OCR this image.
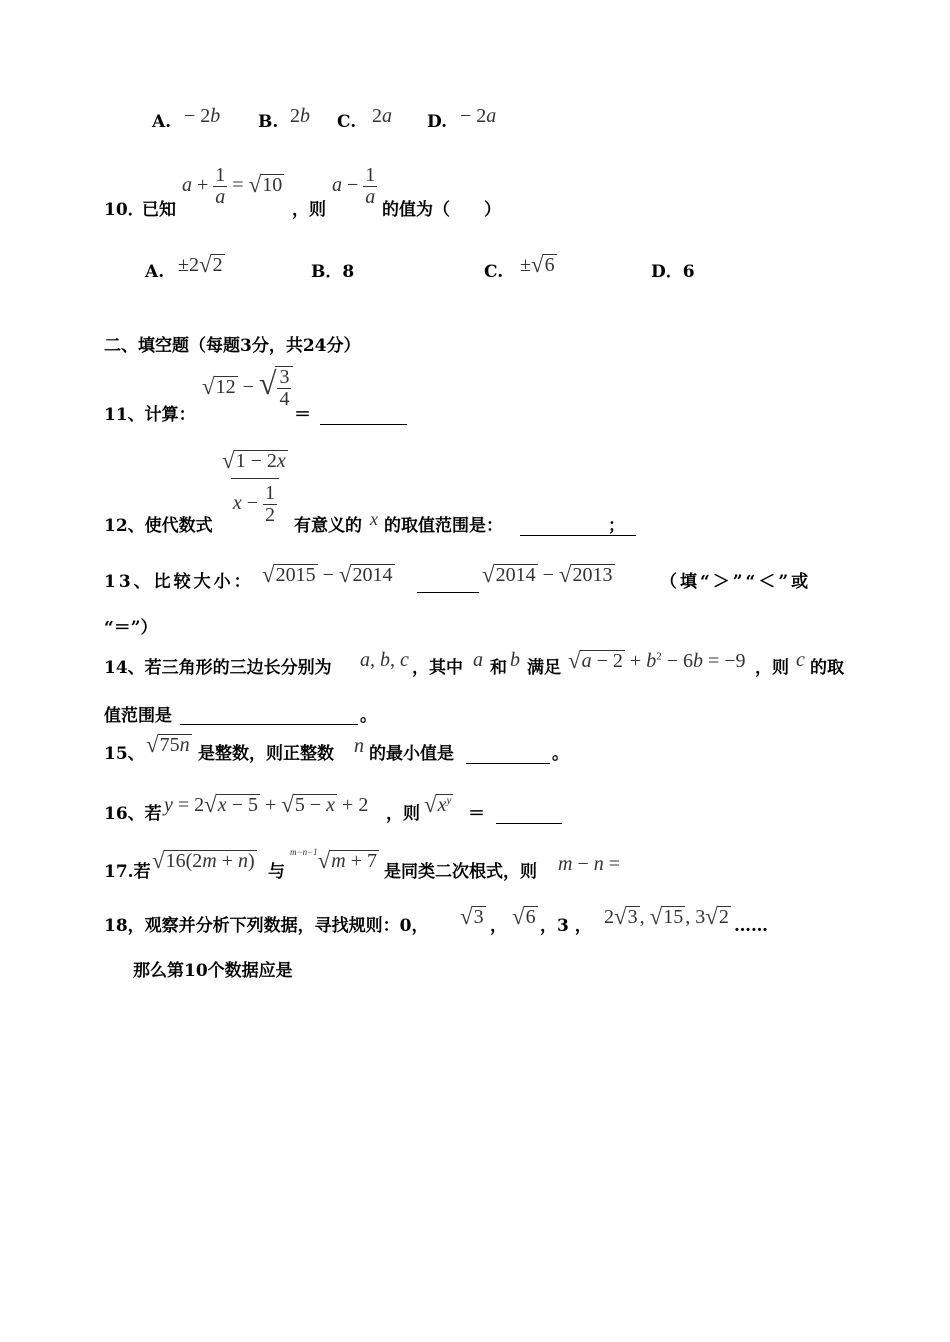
A. − 2b B. 2b C. 2a D. − 2a
10．
已知
$a + \frac{1}{a} = √10$
，则
$a - \frac{1}{a}$
的值为（　　）
A. ±2√2	B．8	C. ±√6	D．6
二、填空题（每题3分，共24分）
11、计算：
√12 − √ $\frac{3}{4}$
＝
$\frac{√1 - 2x}{x - \frac{1}{2}}$
12、使代数式	有意义的 x 的取值范围是：	；
13、比较大小： √2015 − √2014	√2014 − √2013	（填“＞”“＜”或
“＝”）
14、若三角形的三边长分别为 a, b, c ，其中 a 和 b 满足 $√a - 2 + b^2 - 6b = -9$ ，则 c 的取
值范围是	。
15、 √75n 是整数，则正整数 n 的最小值是	。
16、若 y = 2√x − 5 + √5 − x + 2 ，则 $√x^y$
＝
17.若 √16(2m + n) 与
$^{m-n-1}$√m + 7 是同类二次根式，则 m − n =
18，观察并分析下列数据，寻找规则：0， √3 ， √6 ，3 ， 2√3 , √15 , 3√2 ……
那么第10个数据应是
